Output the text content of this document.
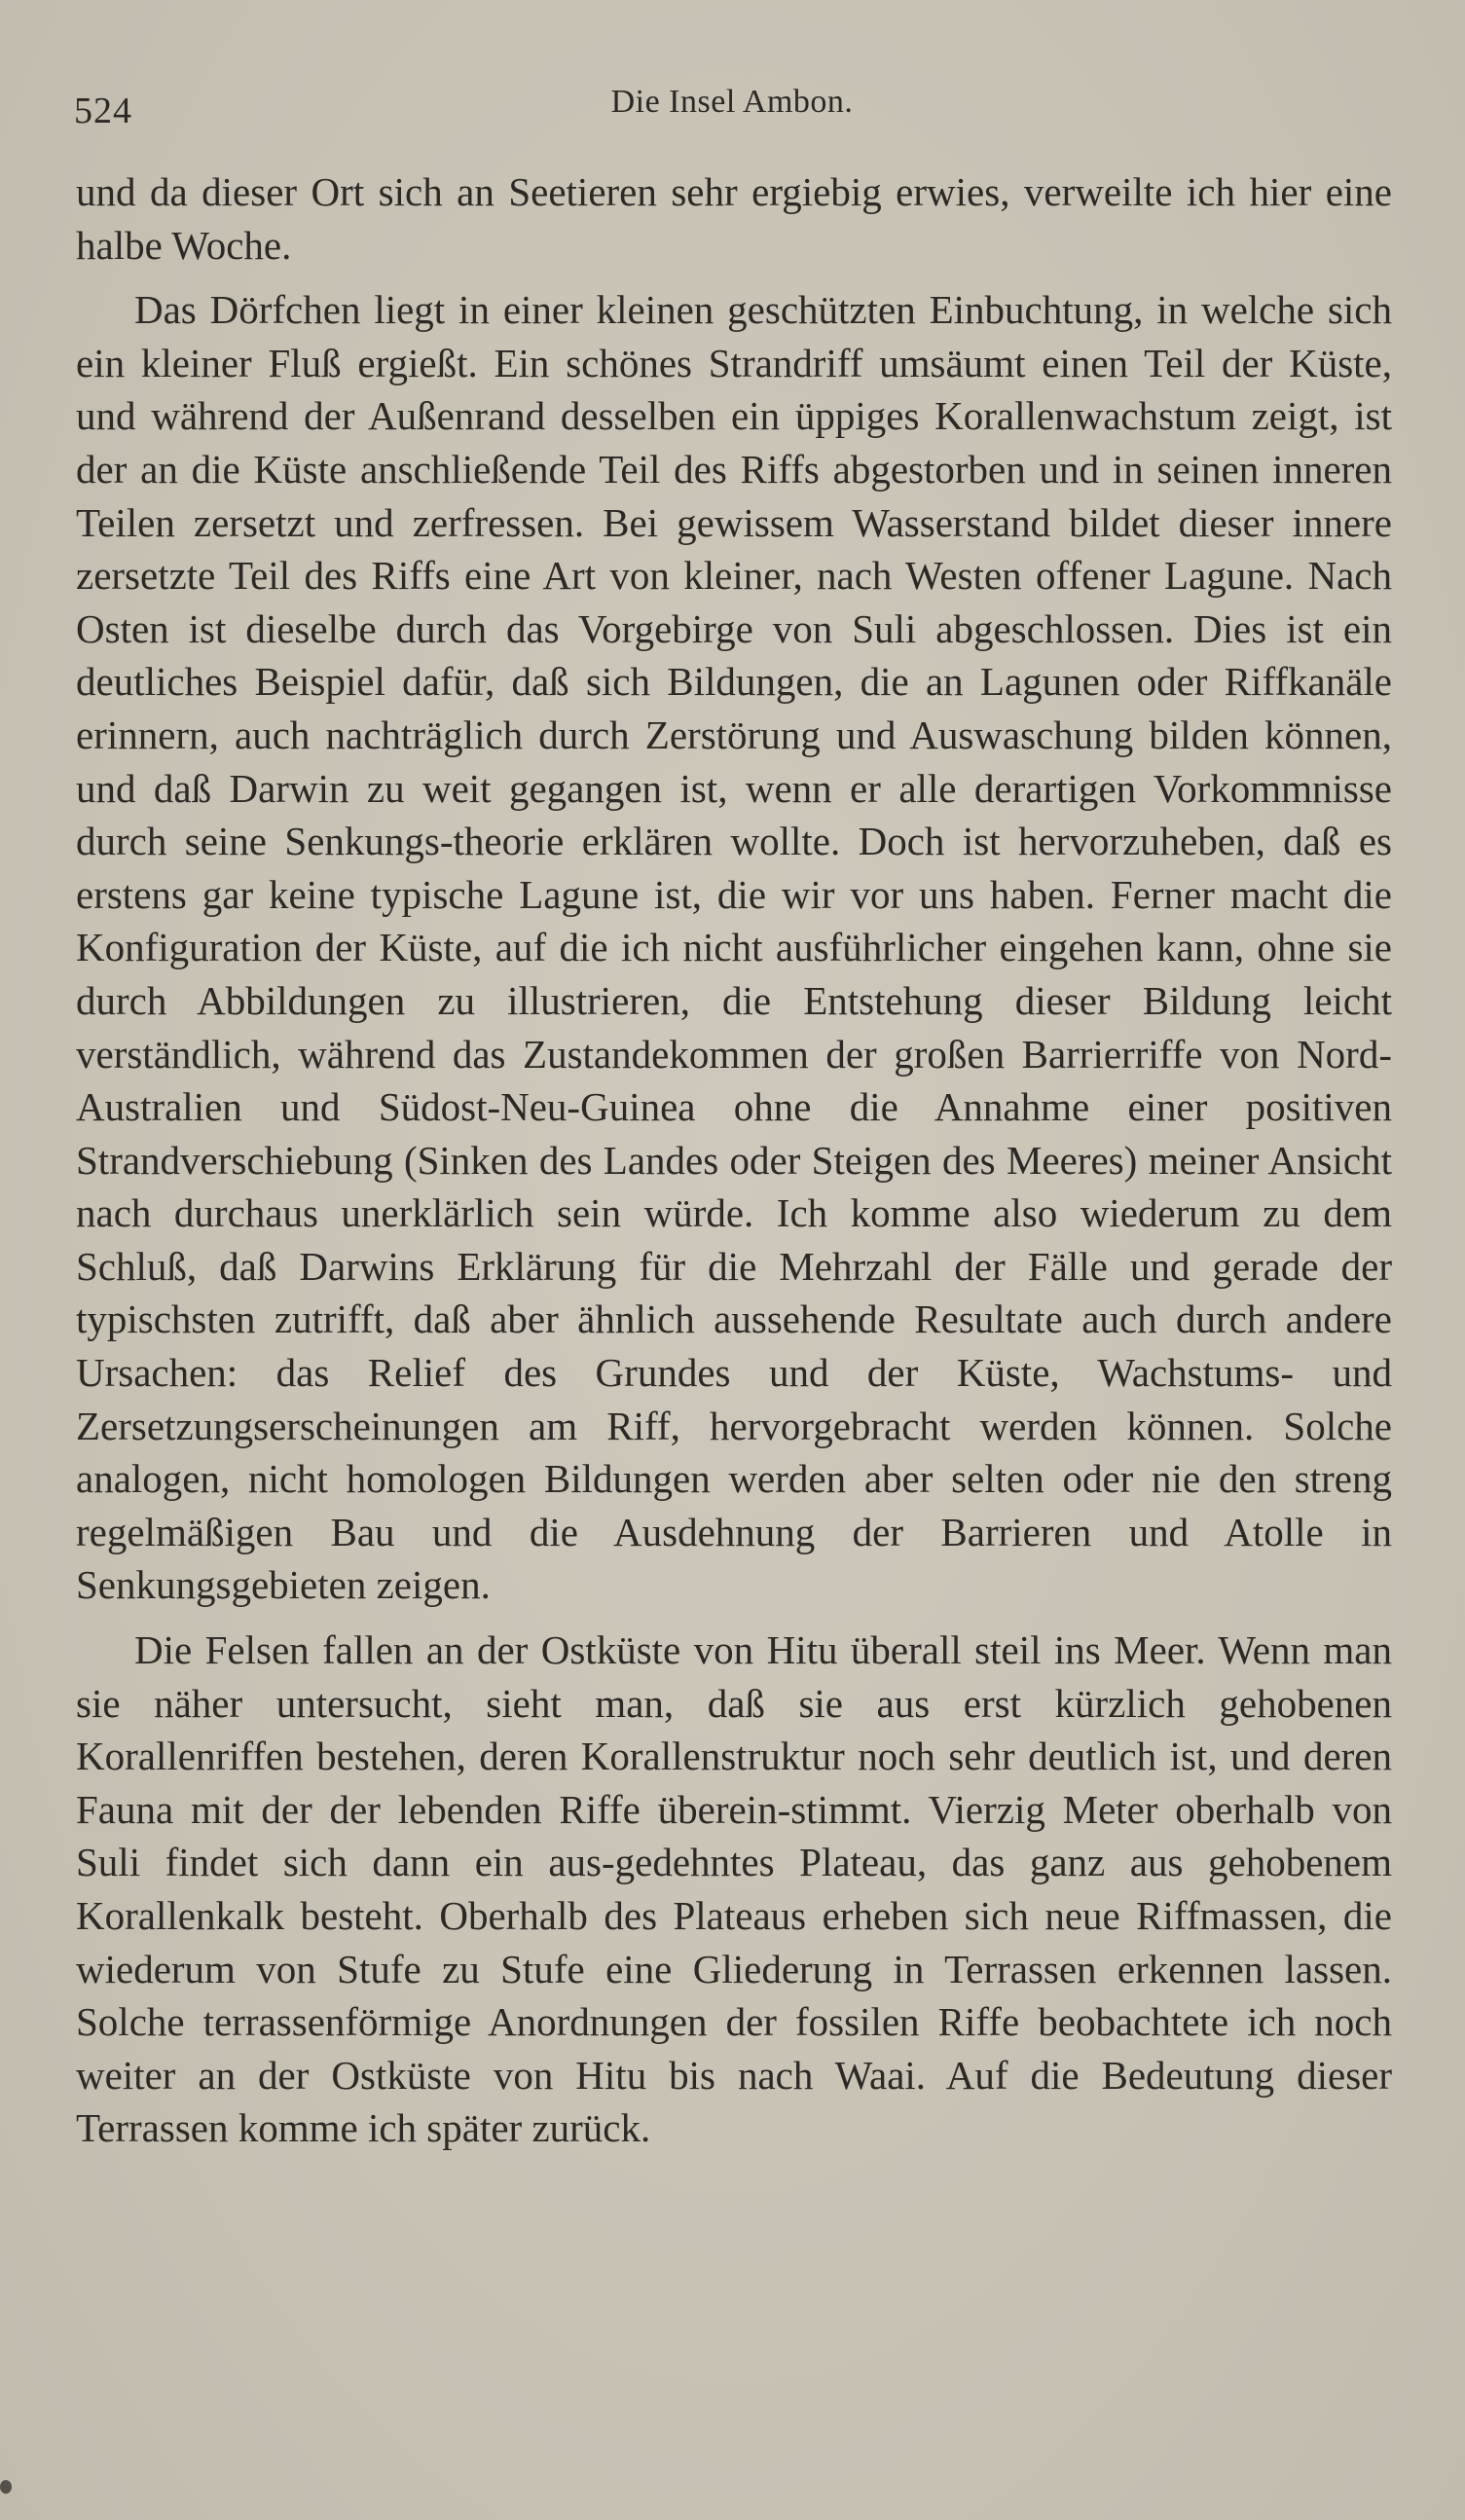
524	Die Insel Ambon.

und da dieser Ort sich an Seetieren sehr ergiebig erwies, verweilte ich hier eine halbe Woche.

Das Dörfchen liegt in einer kleinen geschützten Einbuchtung, in welche sich ein kleiner Fluß ergießt. Ein schönes Strandriff umsäumt einen Teil der Küste, und während der Außenrand desselben ein üppiges Korallenwachstum zeigt, ist der an die Küste anschließende Teil des Riffs abgestorben und in seinen inneren Teilen zersetzt und zerfressen. Bei gewissem Wasserstand bildet dieser innere zersetzte Teil des Riffs eine Art von kleiner, nach Westen offener Lagune. Nach Osten ist dieselbe durch das Vorgebirge von Suli abgeschlossen. Dies ist ein deutliches Beispiel dafür, daß sich Bildungen, die an Lagunen oder Riffkanäle erinnern, auch nachträglich durch Zerstörung und Auswaschung bilden können, und daß Darwin zu weit gegangen ist, wenn er alle derartigen Vorkommnisse durch seine Senkungs-theorie erklären wollte. Doch ist hervorzuheben, daß es erstens gar keine typische Lagune ist, die wir vor uns haben. Ferner macht die Konfiguration der Küste, auf die ich nicht ausführlicher eingehen kann, ohne sie durch Abbildungen zu illustrieren, die Entstehung dieser Bildung leicht verständlich, während das Zustandekommen der großen Barrierriffe von Nord-Australien und Südost-Neu-Guinea ohne die Annahme einer positiven Strandverschiebung (Sinken des Landes oder Steigen des Meeres) meiner Ansicht nach durchaus unerklärlich sein würde. Ich komme also wiederum zu dem Schluß, daß Darwins Erklärung für die Mehrzahl der Fälle und gerade der typischsten zutrifft, daß aber ähnlich aussehende Resultate auch durch andere Ursachen: das Relief des Grundes und der Küste, Wachstums- und Zersetzungserscheinungen am Riff, hervorgebracht werden können. Solche analogen, nicht homologen Bildungen werden aber selten oder nie den streng regelmäßigen Bau und die Ausdehnung der Barrieren und Atolle in Senkungsgebieten zeigen.

Die Felsen fallen an der Ostküste von Hitu überall steil ins Meer. Wenn man sie näher untersucht, sieht man, daß sie aus erst kürzlich gehobenen Korallenriffen bestehen, deren Korallenstruktur noch sehr deutlich ist, und deren Fauna mit der der lebenden Riffe überein-stimmt. Vierzig Meter oberhalb von Suli findet sich dann ein aus-gedehntes Plateau, das ganz aus gehobenem Korallenkalk besteht. Oberhalb des Plateaus erheben sich neue Riffmassen, die wiederum von Stufe zu Stufe eine Gliederung in Terrassen erkennen lassen. Solche terrassenförmige Anordnungen der fossilen Riffe beobachtete ich noch weiter an der Ostküste von Hitu bis nach Waai. Auf die Bedeutung dieser Terrassen komme ich später zurück.
